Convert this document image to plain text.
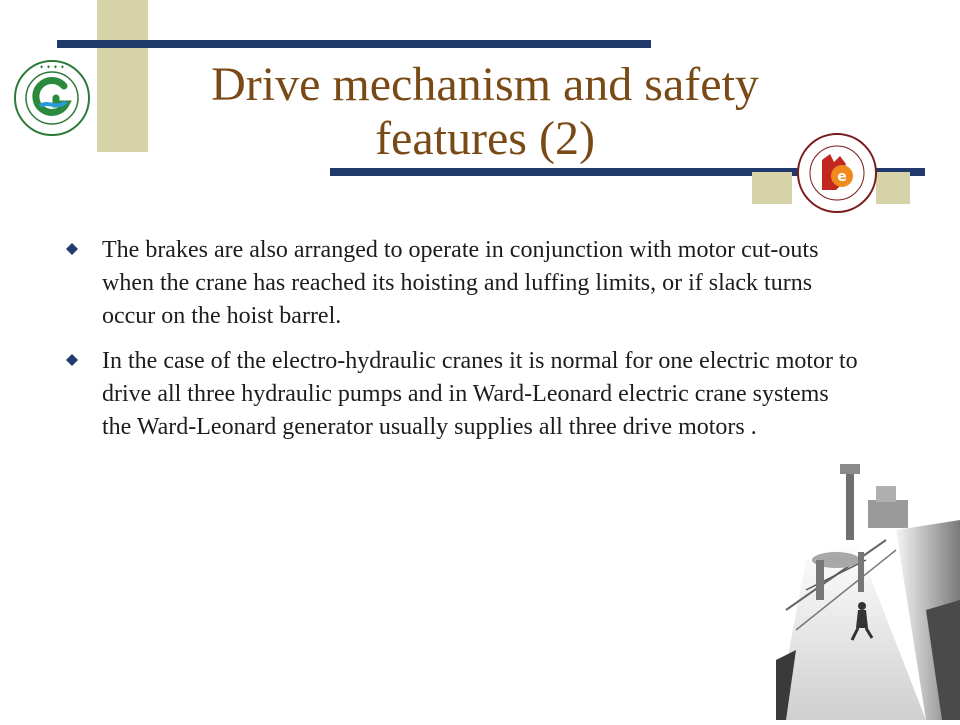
✦ ✦ ✦ ✦
e
Drive mechanism and safety features (2)
The brakes are also arranged to operate in conjunction with motor cut-outs when the crane has reached its hoisting and luffing limits, or if slack turns occur on the hoist barrel.
In the case of the electro-hydraulic cranes it is normal for one electric motor to drive all three hydraulic pumps and in Ward-Leonard electric crane systems the Ward-Leonard generator usually supplies all three drive motors .
